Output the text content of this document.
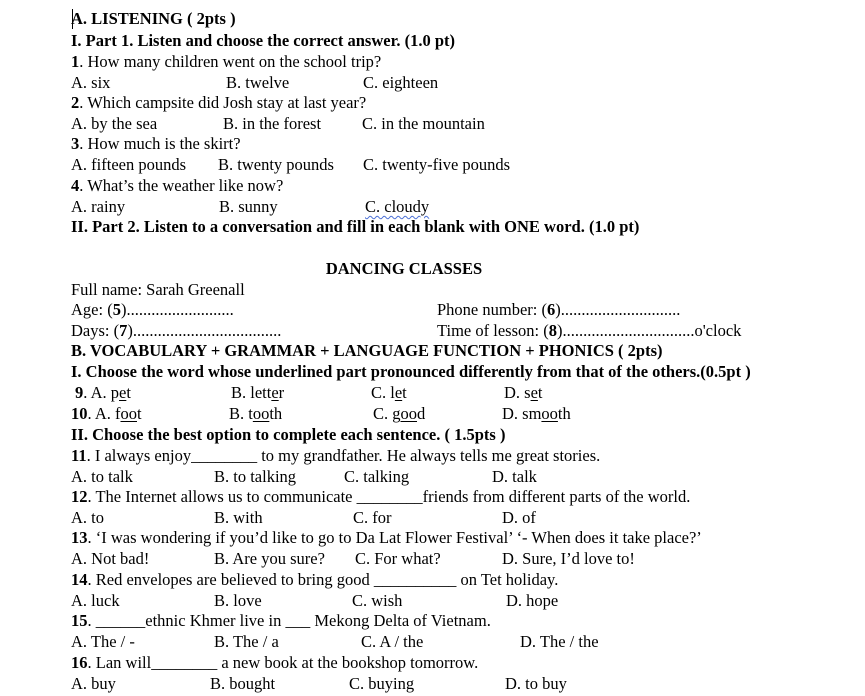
A. LISTENING ( 2pts )
I. Part 1. Listen and choose the correct answer. (1.0 pt)
1. How many children went on the school trip?
A. six	B. twelve	C. eighteen
2. Which campsite did Josh stay at last year?
A. by the sea	B. in the forest C. in the mountain
3. How much is the skirt?
A. fifteen pounds B. twenty pounds C. twenty-five pounds
4. What’s the weather like now?
A. rainy	B. sunny	C. cloudy
II. Part 2. Listen to a conversation and fill in each blank with ONE word. (1.0 pt)
DANCING CLASSES
Full name: Sarah Greenall
Age: (5)..........................	Phone number: (6).............................
Days: (7)....................................	Time of lesson: (8)................................o'clock
B. VOCABULARY + GRAMMAR + LANGUAGE FUNCTION + PHONICS ( 2pts)
I. Choose the word whose underlined part pronounced differently from that of the others.(0.5pt )
9. A. pet	B. letter	C. let	D. set
10. A. foot	B. tooth	C. good	D. smooth
II. Choose the best option to complete each sentence. ( 1.5pts )
11. I always enjoy________ to my grandfather. He always tells me great stories.
A. to talk	B. to talking	C. talking	D. talk
12. The Internet allows us to communicate ________friends from different parts of the world.
A. to	B. with	C. for	D. of
13. ‘I was wondering if you’d like to go to Da Lat Flower Festival’ ‘- When does it take place?’
A. Not bad!	B. Are you sure? C. For what?	D. Sure, I’d love to!
14. Red envelopes are believed to bring good __________ on Tet holiday.
A. luck	B. love	C. wish	D. hope
15. ______ethnic Khmer live in ___ Mekong Delta of Vietnam.
A. The / -	B. The / a	C. A / the	D. The / the
16. Lan will________ a new book at the bookshop tomorrow.
A. buy	B. bought	C. buying	D. to buy
